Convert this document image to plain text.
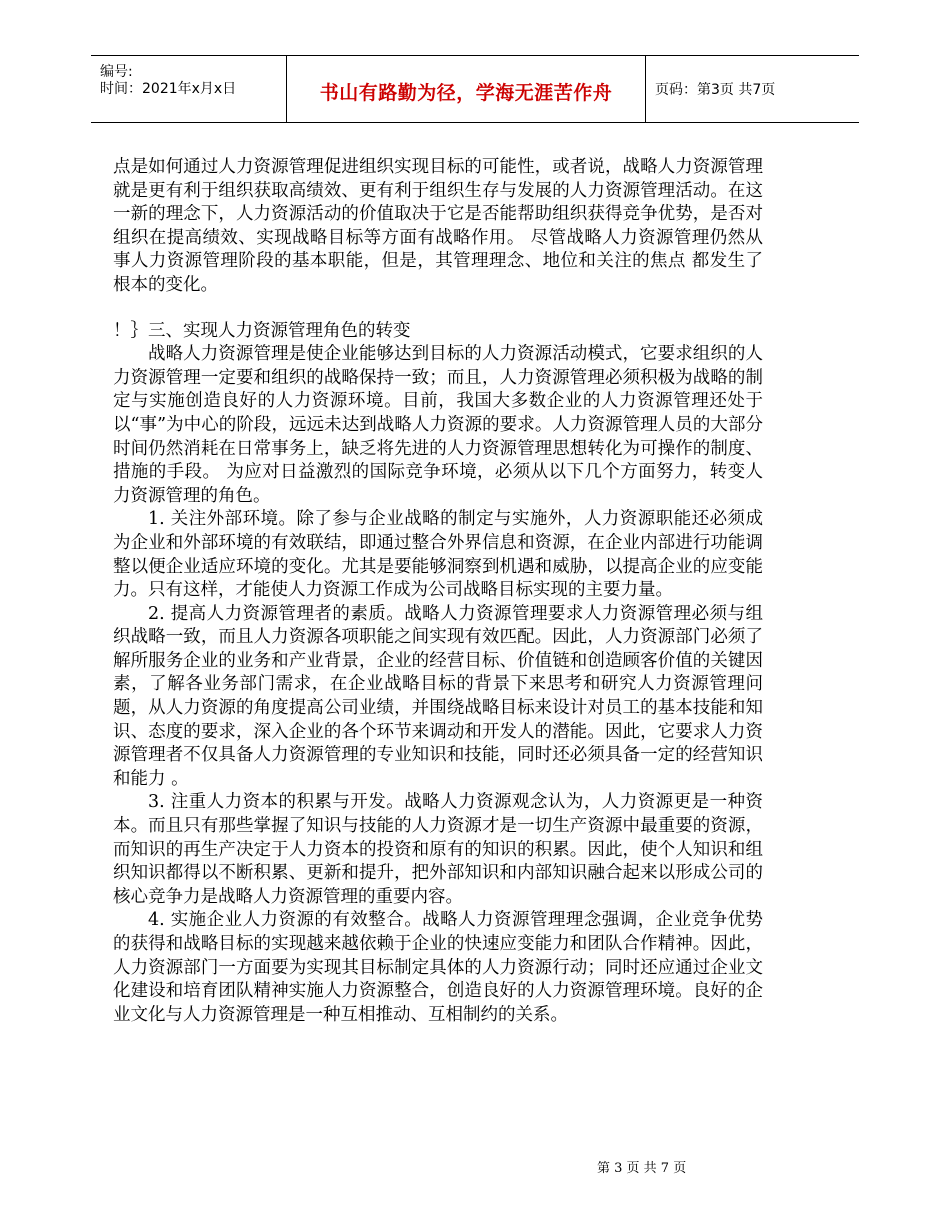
编号:
时间：2021年x月x日	书山有路勤为径，学海无涯苦作舟	页码：第3页 共7页

点是如何通过人力资源管理促进组织实现目标的可能性，或者说，战略人力资源管理就是更有利于组织获取高绩效、更有利于组织生存与发展的人力资源管理活动。在这一新的理念下，人力资源活动的价值取决于它是否能帮助组织获得竞争优势，是否对组织在提高绩效、实现战略目标等方面有战略作用。 尽管战略人力资源管理仍然从事人力资源管理阶段的基本职能，但是，其管理理念、地位和关注的焦点 都发生了根本的变化。

！｝三、实现人力资源管理角色的转变

战略人力资源管理是使企业能够达到目标的人力资源活动模式，它要求组织的人力资源管理一定要和组织的战略保持一致；而且，人力资源管理必须积极为战略的制定与实施创造良好的人力资源环境。目前，我国大多数企业的人力资源管理还处于以“事”为中心的阶段，远远未达到战略人力资源的要求。人力资源管理人员的大部分时间仍然消耗在日常事务上，缺乏将先进的人力资源管理思想转化为可操作的制度、措施的手段。 为应对日益激烈的国际竞争环境，必须从以下几个方面努力，转变人力资源管理的角色。

1. 关注外部环境。除了参与企业战略的制定与实施外，人力资源职能还必须成为企业和外部环境的有效联结，即通过整合外界信息和资源，在企业内部进行功能调整以便企业适应环境的变化。尤其是要能够洞察到机遇和威胁，以提高企业的应变能力。只有这样，才能使人力资源工作成为公司战略目标实现的主要力量。

2. 提高人力资源管理者的素质。战略人力资源管理要求人力资源管理必须与组织战略一致，而且人力资源各项职能之间实现有效匹配。因此，人力资源部门必须了解所服务企业的业务和产业背景，企业的经营目标、价值链和创造顾客价值的关键因素，了解各业务部门需求，在企业战略目标的背景下来思考和研究人力资源管理问题，从人力资源的角度提高公司业绩，并围绕战略目标来设计对员工的基本技能和知识、态度的要求，深入企业的各个环节来调动和开发人的潜能。因此，它要求人力资源管理者不仅具备人力资源管理的专业知识和技能，同时还必须具备一定的经营知识和能力 。

3. 注重人力资本的积累与开发。战略人力资源观念认为，人力资源更是一种资本。而且只有那些掌握了知识与技能的人力资源才是一切生产资源中最重要的资源，而知识的再生产决定于人力资本的投资和原有的知识的积累。因此，使个人知识和组织知识都得以不断积累、更新和提升，把外部知识和内部知识融合起来以形成公司的核心竞争力是战略人力资源管理的重要内容。

4. 实施企业人力资源的有效整合。战略人力资源管理理念强调，企业竞争优势的获得和战略目标的实现越来越依赖于企业的快速应变能力和团队合作精神。因此，人力资源部门一方面要为实现其目标制定具体的人力资源行动；同时还应通过企业文化建设和培育团队精神实施人力资源整合，创造良好的人力资源管理环境。良好的企业文化与人力资源管理是一种互相推动、互相制约的关系。

第 3 页 共 7 页
